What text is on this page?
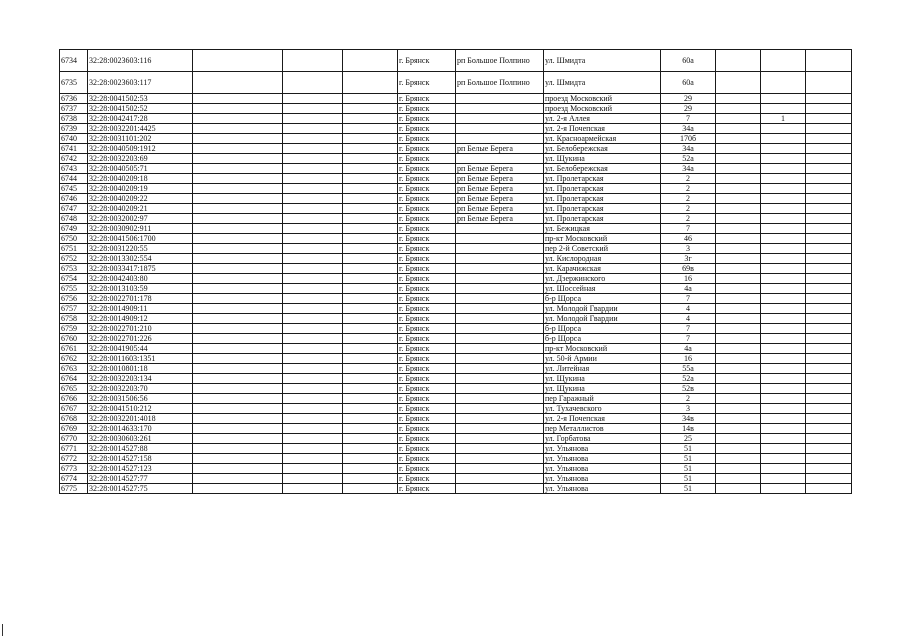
6734	32:28:0023603:116				г. Брянск	рп Большое Полпино	ул. Шмидта	60а			
6735	32:28:0023603:117				г. Брянск	рп Большое Полпино	ул. Шмидта	60а			
6736	32:28:0041502:53				г. Брянск		проезд Московский	29			
6737	32:28:0041502:52				г. Брянск		проезд Московский	29			
6738	32:28:0042417:28				г. Брянск		ул. 2-я Аллея	7		1	
6739	32:28:0032201:4425				г. Брянск		ул. 2-я Почепская	34а			
6740	32:28:0031101:202				г. Брянск		ул. Красноармейская	170б			
6741	32:28:0040509:1912				г. Брянск	рп Белые Берега	ул. Белобережская	34а			
6742	32:28:0032203:69				г. Брянск		ул. Щукина	52а			
6743	32:28:0040505:71				г. Брянск	рп Белые Берега	ул. Белобережская	34а			
6744	32:28:0040209:18				г. Брянск	рп Белые Берега	ул. Пролетарская	2			
6745	32:28:0040209:19				г. Брянск	рп Белые Берега	ул. Пролетарская	2			
6746	32:28:0040209:22				г. Брянск	рп Белые Берега	ул. Пролетарская	2			
6747	32:28:0040209:21				г. Брянск	рп Белые Берега	ул. Пролетарская	2			
6748	32:28:0032002:97				г. Брянск	рп Белые Берега	ул. Пролетарская	2			
6749	32:28:0030902:911				г. Брянск		ул. Бежицкая	7			
6750	32:28:0041506:1700				г. Брянск		пр-кт Московский	46			
6751	32:28:0031220:55				г. Брянск		пер 2-й Советский	3			
6752	32:28:0013302:554				г. Брянск		ул. Кислородная	3г			
6753	32:28:0033417:1875				г. Брянск		ул. Карачижская	69в			
6754	32:28:0042403:80				г. Брянск		ул. Дзержинского	16			
6755	32:28:0013103:59				г. Брянск		ул. Шоссейная	4а			
6756	32:28:0022701:178				г. Брянск		б-р Щорса	7			
6757	32:28:0014909:11				г. Брянск		ул. Молодой Гвардии	4			
6758	32:28:0014909:12				г. Брянск		ул. Молодой Гвардии	4			
6759	32:28:0022701:210				г. Брянск		б-р Щорса	7			
6760	32:28:0022701:226				г. Брянск		б-р Щорса	7			
6761	32:28:0041905:44				г. Брянск		пр-кт Московский	4а			
6762	32:28:0011603:1351				г. Брянск		ул. 50-й Армии	16			
6763	32:28:0010801:18				г. Брянск		ул. Литейная	55а			
6764	32:28:0032203:134				г. Брянск		ул. Щукина	52а			
6765	32:28:0032203:70				г. Брянск		ул. Щукина	52в			
6766	32:28:0031506:56				г. Брянск		пер Гаражный	2			
6767	32:28:0041510:212				г. Брянск		ул. Тухачевского	3			
6768	32:28:0032201:4018				г. Брянск		ул. 2-я Почепская	34в			
6769	32:28:0014633:170				г. Брянск		пер Металлистов	14в			
6770	32:28:0030603:261				г. Брянск		ул. Горбатова	25			
6771	32:28:0014527:88				г. Брянск		ул. Ульянова	51			
6772	32:28:0014527:158				г. Брянск		ул. Ульянова	51			
6773	32:28:0014527:123				г. Брянск		ул. Ульянова	51			
6774	32:28:0014527:77				г. Брянск		ул. Ульянова	51			
6775	32:28:0014527:75				г. Брянск		ул. Ульянова	51			
